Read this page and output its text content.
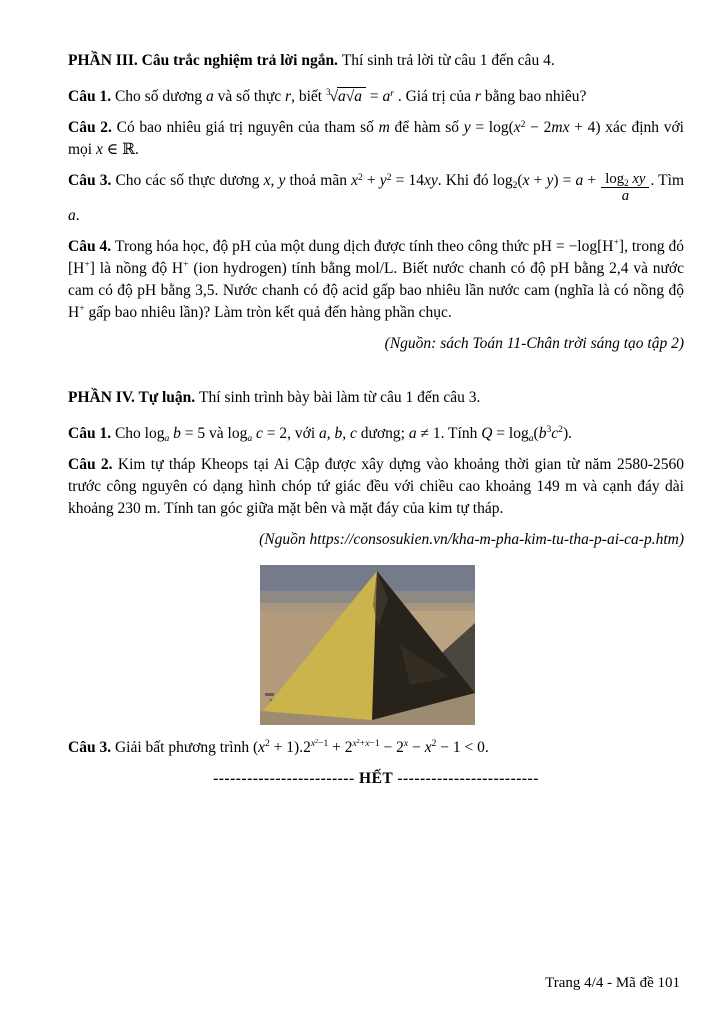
PHẦN III. Câu trắc nghiệm trả lời ngắn. Thí sinh trả lời từ câu 1 đến câu 4.

Câu 1. Cho số dương a và số thực r, biết $^3√a√a = a^r$ . Giá trị của r bằng bao nhiêu?

Câu 2. Có bao nhiêu giá trị nguyên của tham số m để hàm số $y = \log(x^2 - 2mx + 4)$ xác định với mọi x ∈ ℝ.

Câu 3. Cho các số thực dương x, y thoả mãn $x^2 + y^2 = 14xy$. Khi đó $\log_2(x + y) = a + \frac{\log_2 xy}{a}$ . Tìm a.

Câu 4. Trong hóa học, độ pH của một dung dịch được tính theo công thức pH = −log[H+], trong đó [H+] là nồng độ H+ (ion hydrogen) tính bằng mol/L. Biết nước chanh có độ pH bằng 2,4 và nước cam có độ pH bằng 3,5. Nước chanh có độ acid gấp bao nhiêu lần nước cam (nghĩa là có nồng độ H+ gấp bao nhiêu lần)? Làm tròn kết quả đến hàng phần chục.

(Nguồn: sách Toán 11-Chân trời sáng tạo tập 2)

PHẦN IV. Tự luận. Thí sinh trình bày bài làm từ câu 1 đến câu 3.

Câu 1. Cho $\log_a b = 5$ và $\log_a c = 2$, với a, b, c dương; a ≠ 1. Tính $Q = \log_a(b^3c^2)$.

Câu 2. Kim tự tháp Kheops tại Ai Cập được xây dựng vào khoảng thời gian từ năm 2580-2560 trước công nguyên có dạng hình chóp tứ giác đều với chiều cao khoảng 149 m và cạnh đáy dài khoảng 230 m. Tính tan góc giữa mặt bên và mặt đáy của kim tự tháp.

(Nguồn https://consosukien.vn/kha-m-pha-kim-tu-tha-p-ai-ca-p.htm)

Câu 3. Giải bất phương trình $(x^2 + 1).2^{x^2-1} + 2^{x^2+x-1} - 2^x - x^2 - 1 < 0$.

------------------------- HẾT -------------------------

Trang 4/4 - Mã đề 101
